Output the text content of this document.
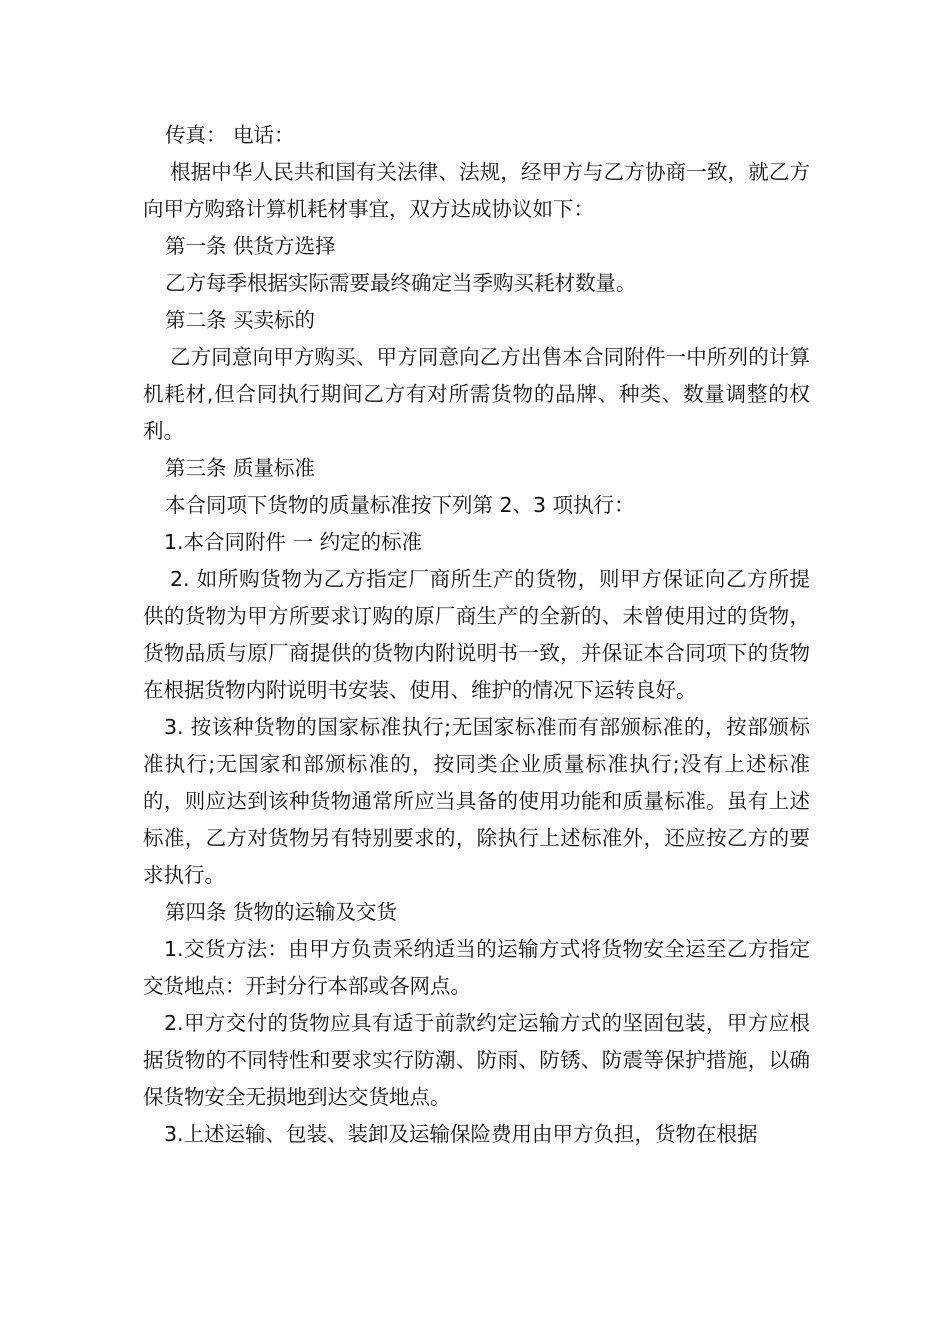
传真： 电话：

根据中华人民共和国有关法律、法规，经甲方与乙方协商一致，就乙方向甲方购臵计算机耗材事宜，双方达成协议如下：

第一条 供货方选择

乙方每季根据实际需要最终确定当季购买耗材数量。

第二条 买卖标的

乙方同意向甲方购买、甲方同意向乙方出售本合同附件一中所列的计算机耗材,但合同执行期间乙方有对所需货物的品牌、种类、数量调整的权利。

第三条 质量标准

本合同项下货物的质量标准按下列第 2、3 项执行：

1.本合同附件 一 约定的标准

2. 如所购货物为乙方指定厂商所生产的货物，则甲方保证向乙方所提供的货物为甲方所要求订购的原厂商生产的全新的、未曾使用过的货物，货物品质与原厂商提供的货物内附说明书一致，并保证本合同项下的货物在根据货物内附说明书安装、使用、维护的情况下运转良好。

3. 按该种货物的国家标准执行;无国家标准而有部颁标准的，按部颁标准执行;无国家和部颁标准的，按同类企业质量标准执行;没有上述标准的，则应达到该种货物通常所应当具备的使用功能和质量标准。虽有上述标准，乙方对货物另有特别要求的，除执行上述标准外，还应按乙方的要求执行。

第四条 货物的运输及交货

1.交货方法：由甲方负责采纳适当的运输方式将货物安全运至乙方指定交货地点：开封分行本部或各网点。

2.甲方交付的货物应具有适于前款约定运输方式的坚固包装，甲方应根据货物的不同特性和要求实行防潮、防雨、防锈、防震等保护措施，以确保货物安全无损地到达交货地点。

3.上述运输、包装、装卸及运输保险费用由甲方负担，货物在根据
